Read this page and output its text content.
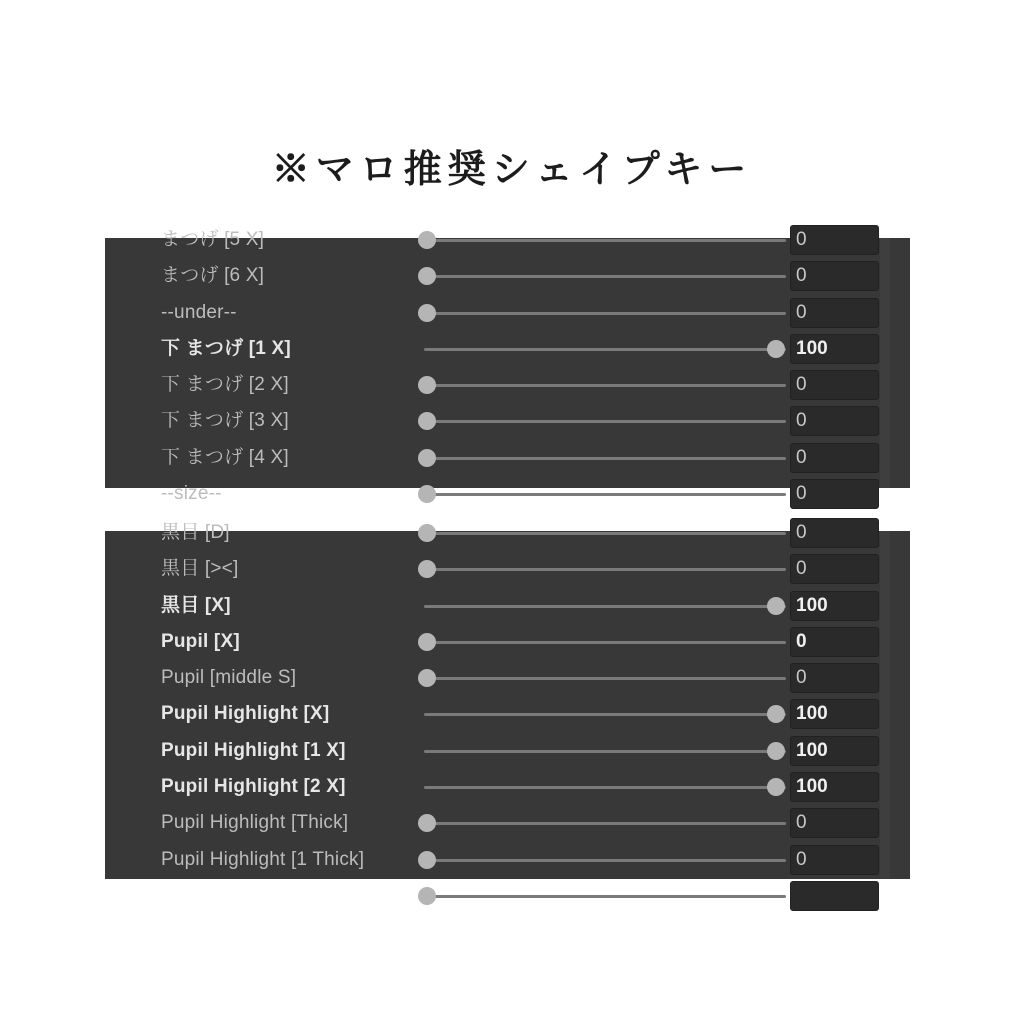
※マロ推奨シェイプキー
まつげ [5 X]	0
まつげ [6 X]	0
--under--	0
下 まつげ [1 X]	100
下 まつげ [2 X]	0
下 まつげ [3 X]	0
下 まつげ [4 X]	0
--size--	0
黒目 [D]	0
黒目 [><]	0
黒目 [X]	100
Pupil [X]	0
Pupil [middle S]	0
Pupil Highlight [X]	100
Pupil Highlight [1 X]	100
Pupil Highlight [2 X]	100
Pupil Highlight [Thick]	0
Pupil Highlight [1 Thick]	0
